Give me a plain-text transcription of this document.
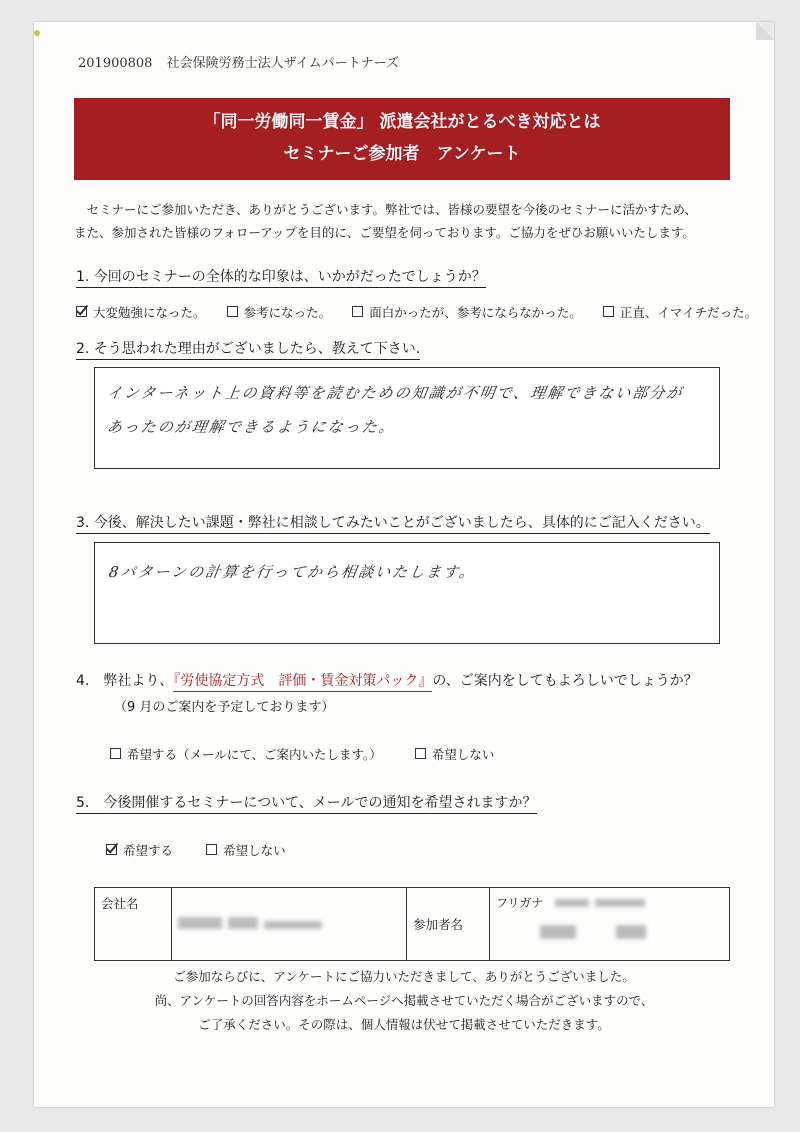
201900808 社会保険労務士法人ザイムパートナーズ
「同一労働同一賃金」 派遣会社がとるべき対応とは
セミナーご参加者　アンケート

セミナーにご参加いただき、ありがとうございます。弊社では、皆様の要望を今後のセミナーに活かすため、

また、参加された皆様のフォローアップを目的に、ご要望を伺っております。ご協力をぜひお願いいたします。

1. 今回のセミナーの全体的な印象は、いかがだったでしょうか？
大変勉強になった。
	参考になった。
	面白かったが、参考にならなかった。
	正直、イマイチだった。
2. そう思われた理由がございましたら、教えて下さい.
インターネット上の資料等を読むための知識が不明で、理解できない部分が
あったのが理解できるようになった。
3. 今後、解決したい課題・弊社に相談してみたいことがございましたら、具体的にご記入ください。
8パターンの計算を行ってから相談いたします。
4.　弊社より、『労使協定方式　評価・賃金対策パック』の、ご案内をしてもよろしいでしょうか？
（9 月のご案内を予定しております）
希望する（メールにて、ご案内いたします。）
	希望しない
5.　今後開催するセミナーについて、メールでの通知を希望されますか？
希望する
	希望しない
会社名		参加者名	
フリガナ

ご参加ならびに、アンケートにご協力いただきまして、ありがとうございました。

尚、アンケートの回答内容をホームページへ掲載させていただく場合がございますので、

ご了承ください。その際は、個人情報は伏せて掲載させていただきます。
